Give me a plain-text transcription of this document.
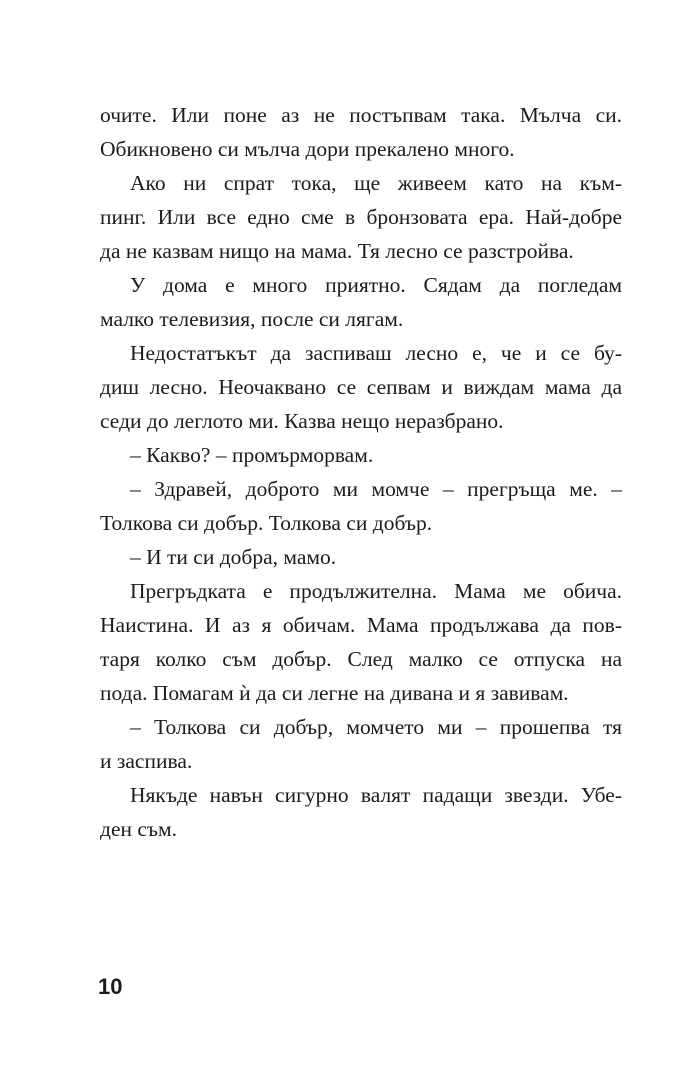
очите. Или поне аз не постъпвам така. Мълча си.
Обикновено си мълча дори прекалено много.
Ако ни спрат тока, ще живеем като на към-
пинг. Или все едно сме в бронзовата ера. Най-добре
да не казвам нищо на мама. Тя лесно се разстройва.
У дома е много приятно. Сядам да погледам
малко телевизия, после си лягам.
Недостатъкът да заспиваш лесно е, че и се бу-
диш лесно. Неочаквано се сепвам и виждам мама да
седи до леглото ми. Казва нещо неразбрано.
– Какво? – промърморвам.
– Здравей, доброто ми момче – прегръща ме. –
Толкова си добър. Толкова си добър.
– И ти си добра, мамо.
Прегръдката е продължителна. Мама ме обича.
Наистина. И аз я обичам. Мама продължава да пов-
таря колко съм добър. След малко се отпуска на
пода. Помагам ѝ да си легне на дивана и я завивам.
– Толкова си добър, момчето ми – прошепва тя
и заспива.
Някъде навън сигурно валят падащи звезди. Убе-
ден съм.
10
